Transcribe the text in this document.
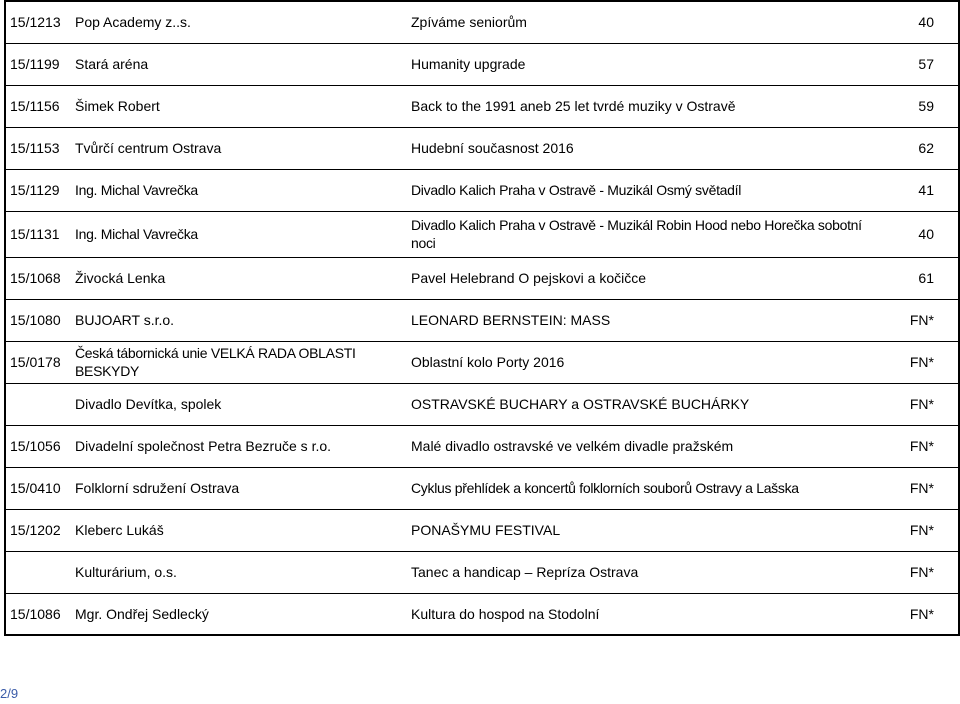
15/1213	Pop Academy z..s.	Zpíváme seniorům	40
15/1199	Stará aréna	Humanity upgrade	57
15/1156	Šimek Robert	Back to the 1991 aneb 25 let tvrdé muziky v Ostravě	59
15/1153	Tvůrčí centrum Ostrava	Hudební současnost 2016	62
15/1129	Ing. Michal Vavrečka	Divadlo Kalich Praha v Ostravě - Muzikál Osmý světadíl	41
15/1131	Ing. Michal Vavrečka	Divadlo Kalich Praha v Ostravě - Muzikál Robin Hood nebo Horečka sobotní noci	40
15/1068	Živocká Lenka	Pavel Helebrand O pejskovi a kočičce	61
15/1080	BUJOART s.r.o.	LEONARD BERNSTEIN: MASS	FN*
15/0178	Česká tábornická unie VELKÁ RADA OBLASTI BESKYDY	Oblastní kolo Porty 2016	FN*
	Divadlo Devítka, spolek	OSTRAVSKÉ BUCHARY a OSTRAVSKÉ BUCHÁRKY	FN*
15/1056	Divadelní společnost Petra Bezruče s r.o.	Malé divadlo ostravské ve velkém divadle pražském	FN*
15/0410	Folklorní sdružení Ostrava	Cyklus přehlídek a koncertů folklorních souborů Ostravy a Lašska	FN*
15/1202	Kleberc Lukáš	PONAŠYMU FESTIVAL	FN*
	Kulturárium, o.s.	Tanec a handicap – Repríza Ostrava	FN*
15/1086	Mgr. Ondřej Sedlecký	Kultura do hospod na Stodolní	FN*
2/9
